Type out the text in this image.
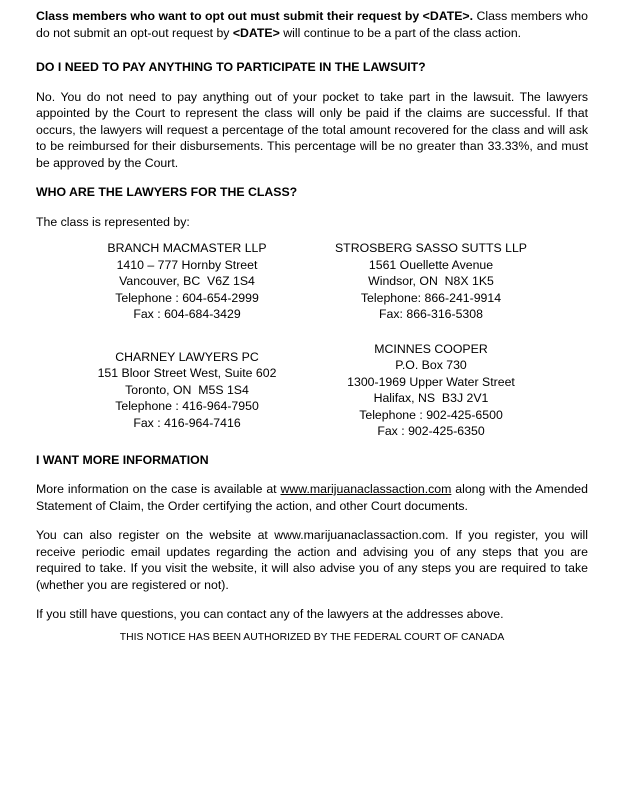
Class members who want to opt out must submit their request by <DATE>. Class members who do not submit an opt-out request by <DATE> will continue to be a part of the class action.
DO I NEED TO PAY ANYTHING TO PARTICIPATE IN THE LAWSUIT?
No. You do not need to pay anything out of your pocket to take part in the lawsuit. The lawyers appointed by the Court to represent the class will only be paid if the claims are successful. If that occurs, the lawyers will request a percentage of the total amount recovered for the class and will ask to be reimbursed for their disbursements. This percentage will be no greater than 33.33%, and must be approved by the Court.
WHO ARE THE LAWYERS FOR THE CLASS?
The class is represented by:
BRANCH MACMASTER LLP
1410 – 777 Hornby Street
Vancouver, BC  V6Z 1S4
Telephone : 604-654-2999
Fax : 604-684-3429
STROSBERG SASSO SUTTS LLP
1561 Ouellette Avenue
Windsor, ON  N8X 1K5
Telephone: 866-241-9914
Fax: 866-316-5308
CHARNEY LAWYERS PC
151 Bloor Street West, Suite 602
Toronto, ON  M5S 1S4
Telephone : 416-964-7950
Fax : 416-964-7416
MCINNES COOPER
P.O. Box 730
1300-1969 Upper Water Street
Halifax, NS  B3J 2V1
Telephone : 902-425-6500
Fax : 902-425-6350
I WANT MORE INFORMATION
More information on the case is available at www.marijuanaclassaction.com along with the Amended Statement of Claim, the Order certifying the action, and other Court documents.
You can also register on the website at www.marijuanaclassaction.com. If you register, you will receive periodic email updates regarding the action and advising you of any steps that you are required to take. If you visit the website, it will also advise you of any steps you are required to take (whether you are registered or not).
If you still have questions, you can contact any of the lawyers at the addresses above.
THIS NOTICE HAS BEEN AUTHORIZED BY THE FEDERAL COURT OF CANADA
